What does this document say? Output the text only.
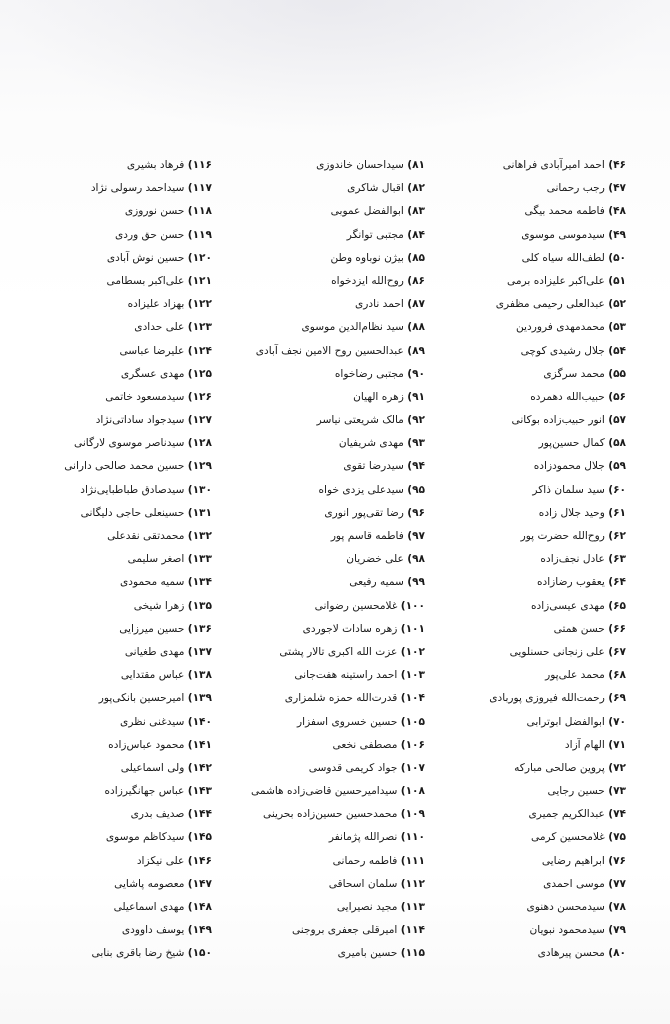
۴۶) احمد امیرآبادی فراهانی
۴۷) رجب رحمانی
۴۸) فاطمه محمد بیگی
۴۹) سیدموسی موسوی
۵۰) لطف‌الله سیاه کلی
۵۱) علی‌اکبر علیزاده برمی
۵۲) عبدالعلی رحیمی مظفری
۵۳) محمدمهدی فروردین
۵۴) جلال رشیدی کوچی
۵۵) محمد سرگزی
۵۶) حبیب‌الله دهمرده
۵۷) انور حبیب‌زاده بوکانی
۵۸) کمال حسین‌پور
۵۹) جلال محمودزاده
۶۰) سید سلمان ذاکر
۶۱) وحید جلال زاده
۶۲) روح‌الله حضرت پور
۶۳) عادل نجف‌زاده
۶۴) یعقوب رضازاده
۶۵) مهدی عیسی‌زاده
۶۶) حسن همتی
۶۷) علی زنجانی حسنلویی
۶۸) محمد علی‌پور
۶۹) رحمت‌الله فیروزی پوربادی
۷۰) ابوالفضل ابوترابی
۷۱) الهام آزاد
۷۲) پروین صالحی مبارکه
۷۳) حسین رجایی
۷۴) عبدالکریم جمیری
۷۵) غلامحسین کرمی
۷۶) ابراهیم رضایی
۷۷) موسی احمدی
۷۸) سیدمحسن دهنوی
۷۹) سیدمحمود نبویان
۸۰) محسن پیرهادی
۸۱) سیداحسان خاندوزی
۸۲) اقبال شاکری
۸۳) ابوالفضل عموبی
۸۴) مجتبی توانگر
۸۵) بیژن نوباوه وطن
۸۶) روح‌الله ایزدخواه
۸۷) احمد نادری
۸۸) سید نظام‌الدین موسوی
۸۹) عبدالحسین روح الامین نجف آبادی
۹۰) مجتبی رضاخواه
۹۱) زهره الهیان
۹۲) مالک شریعتی نیاسر
۹۳) مهدی شریفیان
۹۴) سیدرضا تقوی
۹۵) سیدعلی یزدی خواه
۹۶) رضا تقی‌پور انوری
۹۷) فاطمه قاسم پور
۹۸) علی خضریان
۹۹) سمیه رفیعی
۱۰۰) غلامحسین رضوانی
۱۰۱) زهره سادات لاجوردی
۱۰۲) عزت الله اکبری تالار پشتی
۱۰۳) احمد راستینه هفت‌جانی
۱۰۴) قدرت‌الله حمزه شلمزاری
۱۰۵) حسین خسروی اسفزار
۱۰۶) مصطفی نخعی
۱۰۷) جواد کریمی قدوسی
۱۰۸) سیدامیرحسین قاضی‌زاده هاشمی
۱۰۹) محمدحسین حسین‌زاده بحرینی
۱۱۰) نصرالله پژمانفر
۱۱۱) فاطمه رحمانی
۱۱۲) سلمان اسحاقی
۱۱۳) مجید نصیرایی
۱۱۴) امیرقلی جعفری بروجنی
۱۱۵) حسین بامیری
۱۱۶) فرهاد بشیری
۱۱۷) سیداحمد رسولی نژاد
۱۱۸) حسن نوروزی
۱۱۹) حسن حق وردی
۱۲۰) حسین نوش آبادی
۱۲۱) علی‌اکبر بسطامی
۱۲۲) بهزاد علیزاده
۱۲۳) علی حدادی
۱۲۴) علیرضا عباسی
۱۲۵) مهدی عسگری
۱۲۶) سیدمسعود خاتمی
۱۲۷) سیدجواد ساداتی‌نژاد
۱۲۸) سیدناصر موسوی لارگانی
۱۲۹) حسین محمد صالحی دارانی
۱۳۰) سیدصادق طباطبایی‌نژاد
۱۳۱) حسینعلی حاجی دلیگانی
۱۳۲) محمدتقی نقدعلی
۱۳۳) اصغر سلیمی
۱۳۴) سمیه محمودی
۱۳۵) زهرا شیخی
۱۳۶) حسین میرزایی
۱۳۷) مهدی طغیانی
۱۳۸) عباس مقتدایی
۱۳۹) امیرحسین بانکی‌پور
۱۴۰) سیدغنی نظری
۱۴۱) محمود عباس‌زاده
۱۴۲) ولی اسماعیلی
۱۴۳) عباس جهانگیرزاده
۱۴۴) صدیف بدری
۱۴۵) سیدکاظم موسوی
۱۴۶) علی نیکزاد
۱۴۷) معصومه پاشایی
۱۴۸) مهدی اسماعیلی
۱۴۹) یوسف داوودی
۱۵۰) شیخ رضا باقری بنابی
